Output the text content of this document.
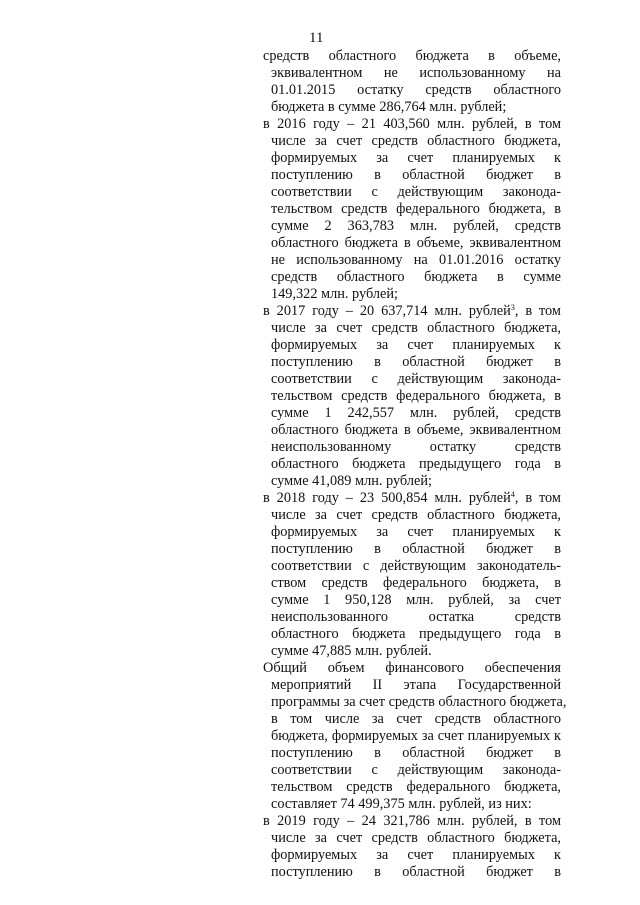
11
средств областного бюджета в объеме,
эквивалентном не использованному на
01.01.2015 остатку средств областного
бюджета в сумме 286,764 млн. рублей;
в 2016 году – 21 403,560 млн. рублей, в том
числе за счет средств областного бюджета,
формируемых за счет планируемых к
поступлению в областной бюджет в
соответствии с действующим законода-
тельством средств федерального бюджета, в
сумме 2 363,783 млн. рублей, средств
областного бюджета в объеме, эквивалентном
не использованному на 01.01.2016 остатку
средств областного бюджета в сумме
149,322 млн. рублей;
в 2017 году – 20 637,714 млн. рублей$^3$, в том
числе за счет средств областного бюджета,
формируемых за счет планируемых к
поступлению в областной бюджет в
соответствии с действующим законода-
тельством средств федерального бюджета, в
сумме 1 242,557 млн. рублей, средств
областного бюджета в объеме, эквивалентном
неиспользованному остатку средств
областного бюджета предыдущего года в
сумме 41,089 млн. рублей;
в 2018 году – 23 500,854 млн. рублей$^4$, в том
числе за счет средств областного бюджета,
формируемых за счет планируемых к
поступлению в областной бюджет в
соответствии с действующим законодатель-
ством средств федерального бюджета, в
сумме 1 950,128 млн. рублей, за счет
неиспользованного остатка средств
областного бюджета предыдущего года в
сумме 47,885 млн. рублей.
Общий объем финансового обеспечения
мероприятий II этапа Государственной
программы за счет средств областного бюджета,
в том числе за счет средств областного
бюджета, формируемых за счет планируемых к
поступлению в областной бюджет в
соответствии с действующим законода-
тельством средств федерального бюджета,
составляет 74 499,375 млн. рублей, из них:
в 2019 году – 24 321,786 млн. рублей, в том
числе за счет средств областного бюджета,
формируемых за счет планируемых к
поступлению в областной бюджет в
